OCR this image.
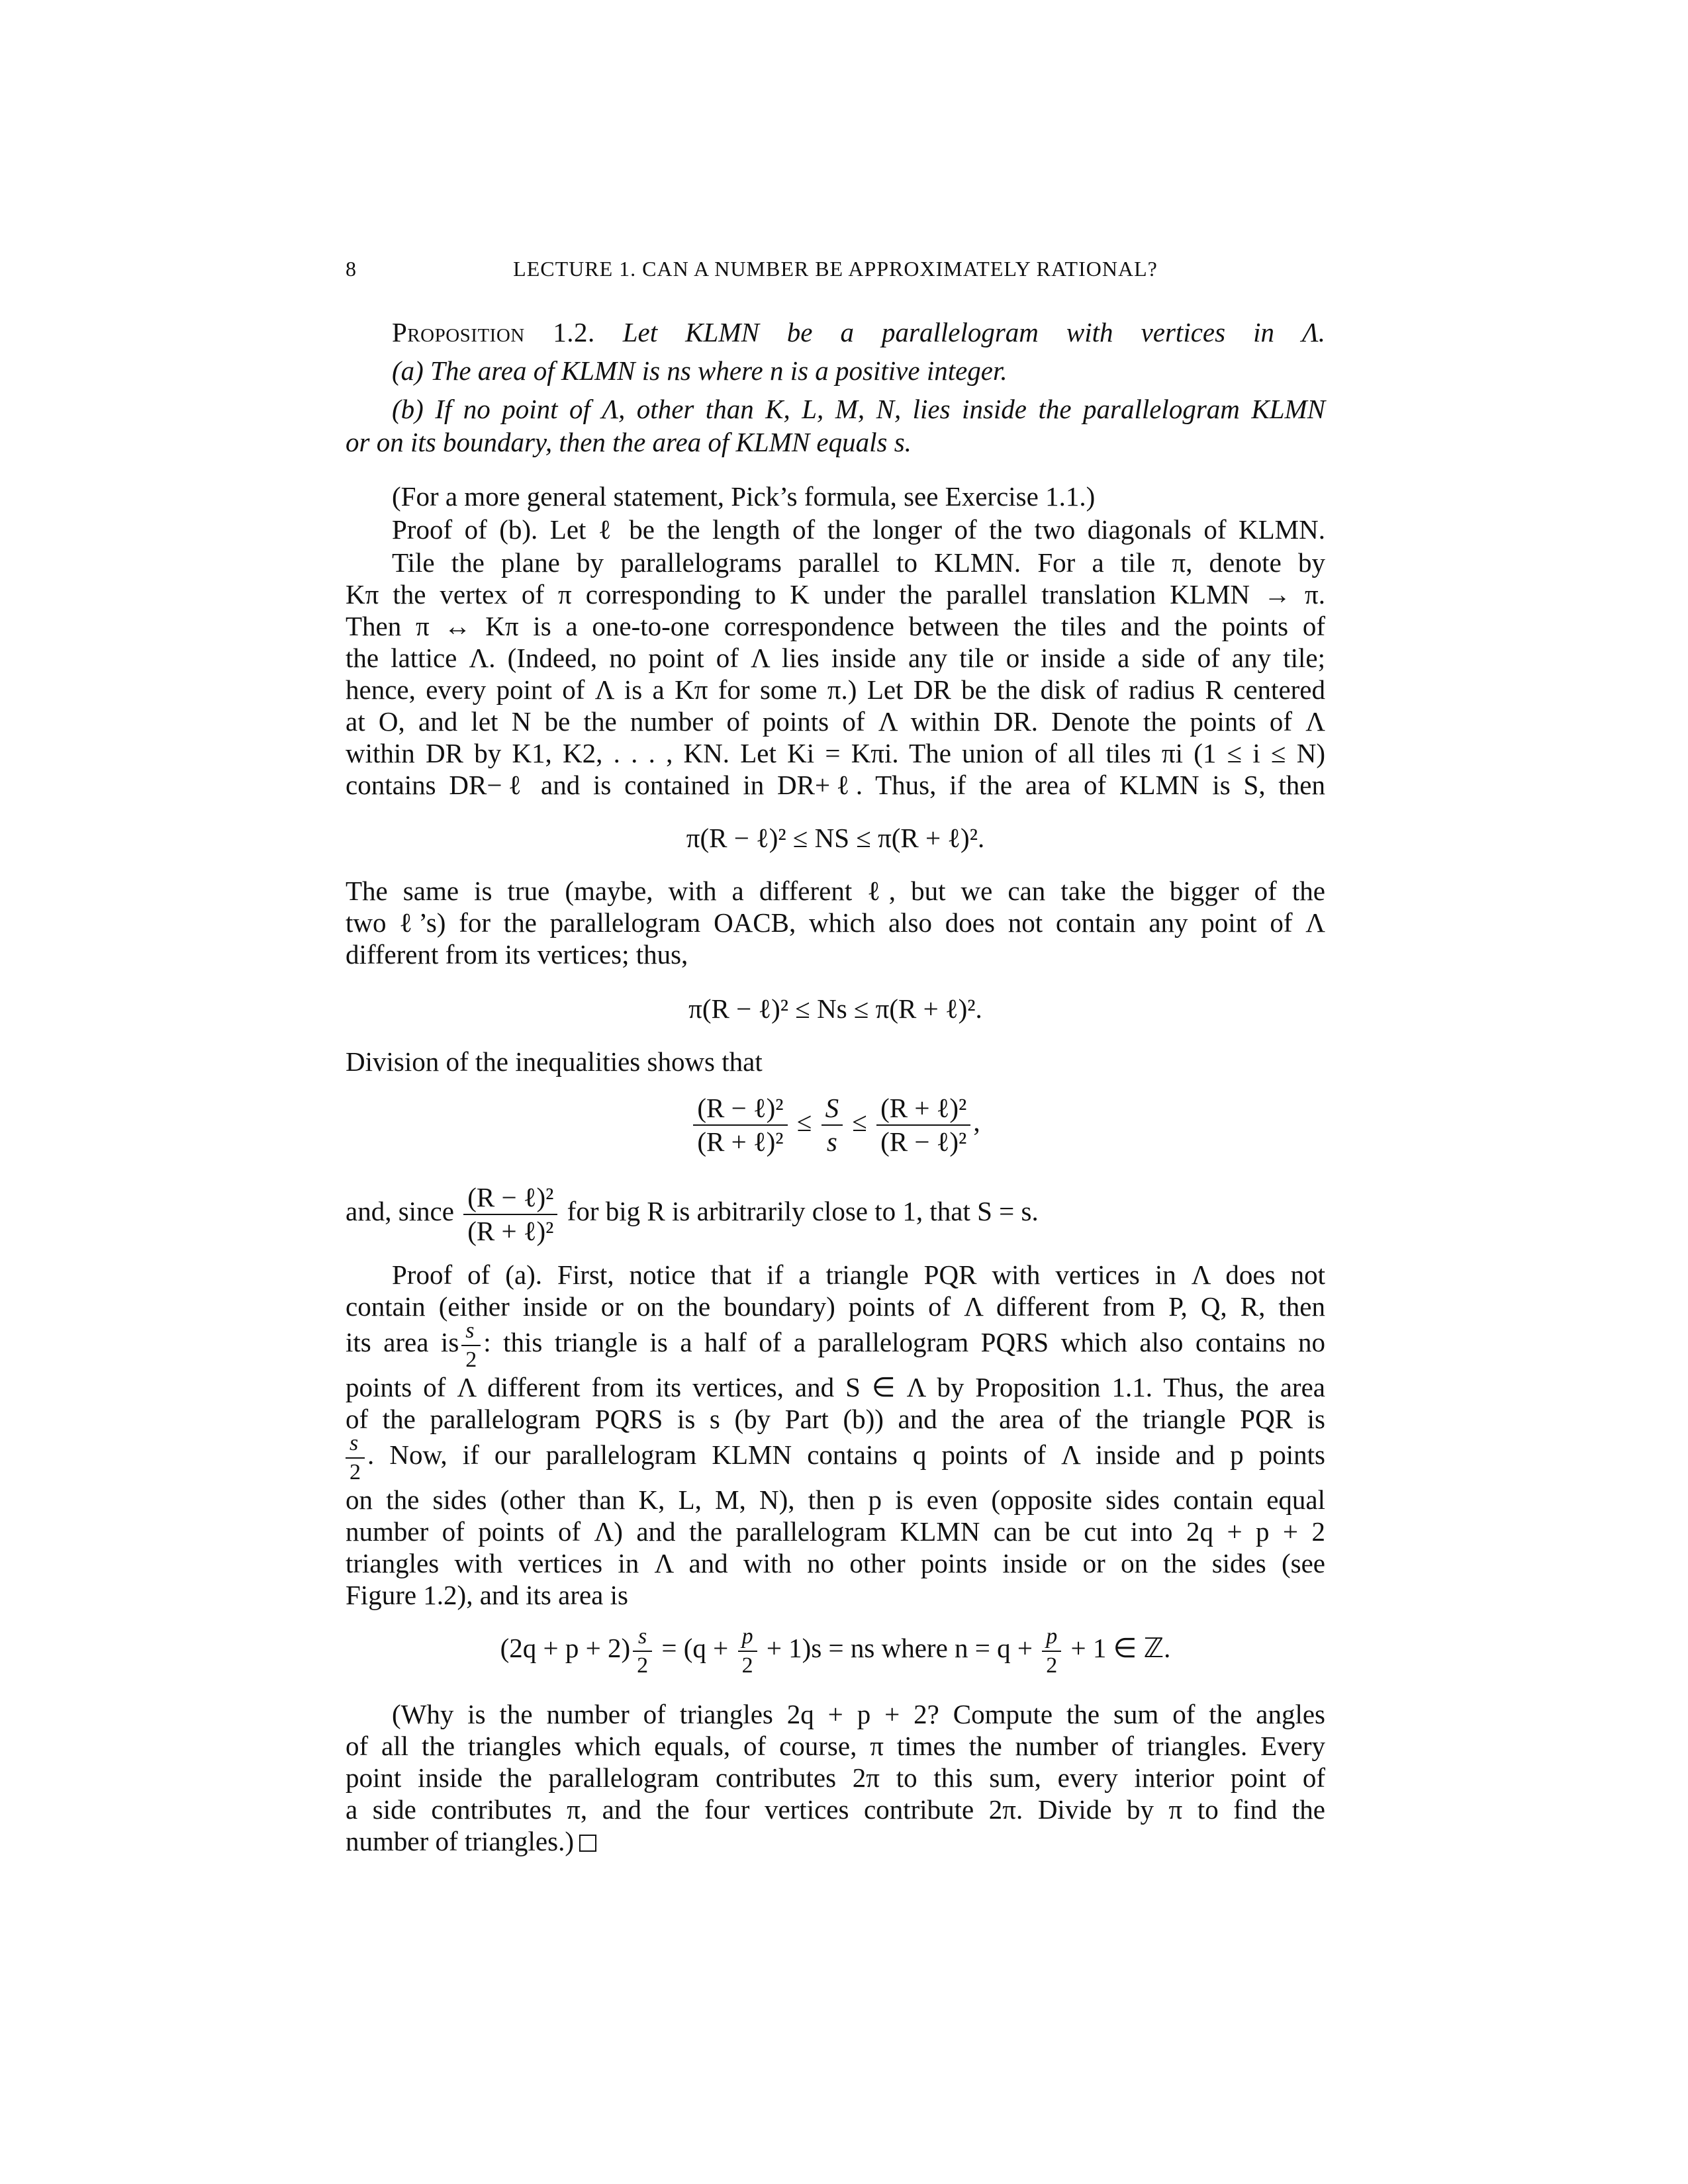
8	LECTURE 1. CAN A NUMBER BE APPROXIMATELY RATIONAL?
Proposition 1.2. Let KLMN be a parallelogram with vertices in Λ.
(a) The area of KLMN is ns where n is a positive integer.
(b) If no point of Λ, other than K, L, M, N, lies inside the parallelogram KLMN
or on its boundary, then the area of KLMN equals s.
(For a more general statement, Pick’s formula, see Exercise 1.1.)
Proof of (b). Let ℓ be the length of the longer of the two diagonals of KLMN.
Tile the plane by parallelograms parallel to KLMN. For a tile π, denote by
Kπ the vertex of π corresponding to K under the parallel translation KLMN → π.
Then π ↔ Kπ is a one-to-one correspondence between the tiles and the points of
the lattice Λ. (Indeed, no point of Λ lies inside any tile or inside a side of any tile;
hence, every point of Λ is a Kπ for some π.) Let DR be the disk of radius R centered
at O, and let N be the number of points of Λ within DR. Denote the points of Λ
within DR by K1, K2, . . . , KN. Let Ki = Kπi. The union of all tiles πi (1 ≤ i ≤ N)
contains DR−ℓ and is contained in DR+ℓ. Thus, if the area of KLMN is S, then
π(R − ℓ)² ≤ NS ≤ π(R + ℓ)².
The same is true (maybe, with a different ℓ, but we can take the bigger of the
two ℓ’s) for the parallelogram OACB, which also does not contain any point of Λ
different from its vertices; thus,
π(R − ℓ)² ≤ Ns ≤ π(R + ℓ)².
Division of the inequalities shows that
$\frac{\text{(R − ℓ)²}}{\text{(R + ℓ)²}} \le \frac{S}{s} \le \frac{\text{(R + ℓ)²}}{\text{(R − ℓ)²}}$ ,
and, since $\frac{\text{(R − ℓ)²}}{\text{(R + ℓ)²}}$ for big R is arbitrarily close to 1, that S = s.
Proof of (a). First, notice that if a triangle PQR with vertices in Λ does not
contain (either inside or on the boundary) points of Λ different from P, Q, R, then
its area is $\frac{s}{2}$ : this triangle is a half of a parallelogram PQRS which also contains no
points of Λ different from its vertices, and S ∈ Λ by Proposition 1.1. Thus, the area
of the parallelogram PQRS is s (by Part (b)) and the area of the triangle PQR is
$\frac{s}{2}$ . Now, if our parallelogram KLMN contains q points of Λ inside and p points
on the sides (other than K, L, M, N), then p is even (opposite sides contain equal
number of points of Λ) and the parallelogram KLMN can be cut into 2q + p + 2
triangles with vertices in Λ and with no other points inside or on the sides (see
Figure 1.2), and its area is
$(2q + p + 2) \frac{s}{2} = (q + \frac{p}{2} + 1)s$ = ns where $n = q + \frac{p}{2} + 1$ ∈ ℤ.
(Why is the number of triangles 2q + p + 2? Compute the sum of the angles
of all the triangles which equals, of course, π times the number of triangles. Every
point inside the parallelogram contributes 2π to this sum, every interior point of
a side contributes π, and the four vertices contribute 2π. Divide by π to find the
number of triangles.)
